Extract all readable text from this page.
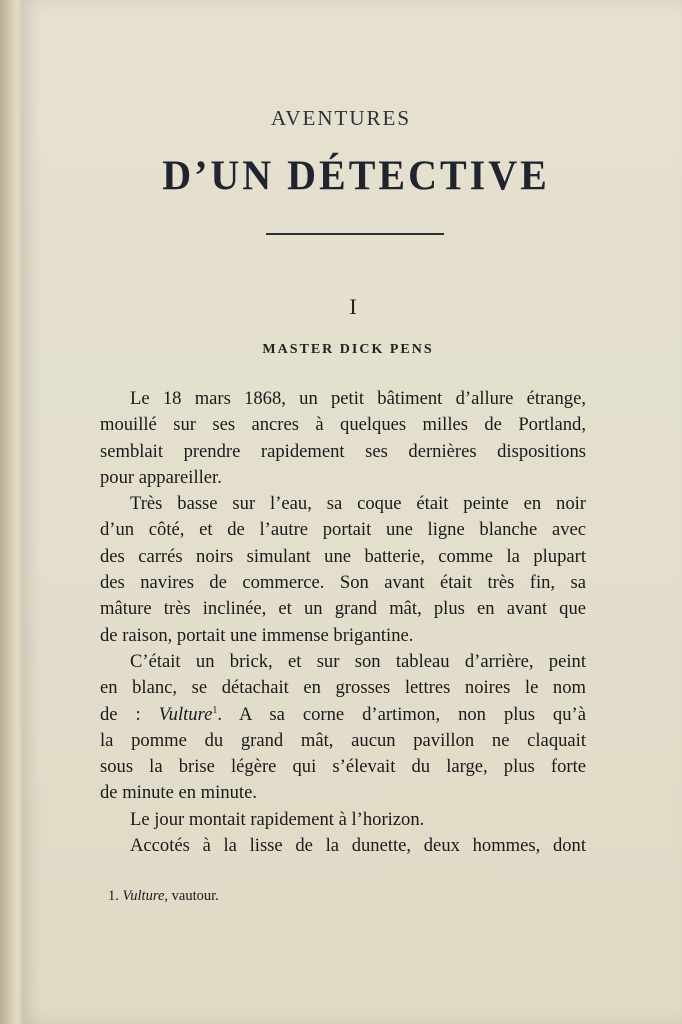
AVENTURES
D’UN DÉTECTIVE
I
MASTER DICK PENS
Le 18 mars 1868, un petit bâtiment d’allure étrange,
mouillé sur ses ancres à quelques milles de Portland,
semblait prendre rapidement ses dernières dispositions
pour appareiller.
Très basse sur l’eau, sa coque était peinte en noir
d’un côté, et de l’autre portait une ligne blanche avec
des carrés noirs simulant une batterie, comme la plupart
des navires de commerce. Son avant était très fin, sa
mâture très inclinée, et un grand mât, plus en avant que
de raison, portait une immense brigantine.
C’était un brick, et sur son tableau d’arrière, peint
en blanc, se détachait en grosses lettres noires le nom
de : Vulture$^1$. A sa corne d’artimon, non plus qu’à
la pomme du grand mât, aucun pavillon ne claquait
sous la brise légère qui s’élevait du large, plus forte
de minute en minute.
Le jour montait rapidement à l’horizon.
Accotés à la lisse de la dunette, deux hommes, dont
1. Vulture, vautour.
